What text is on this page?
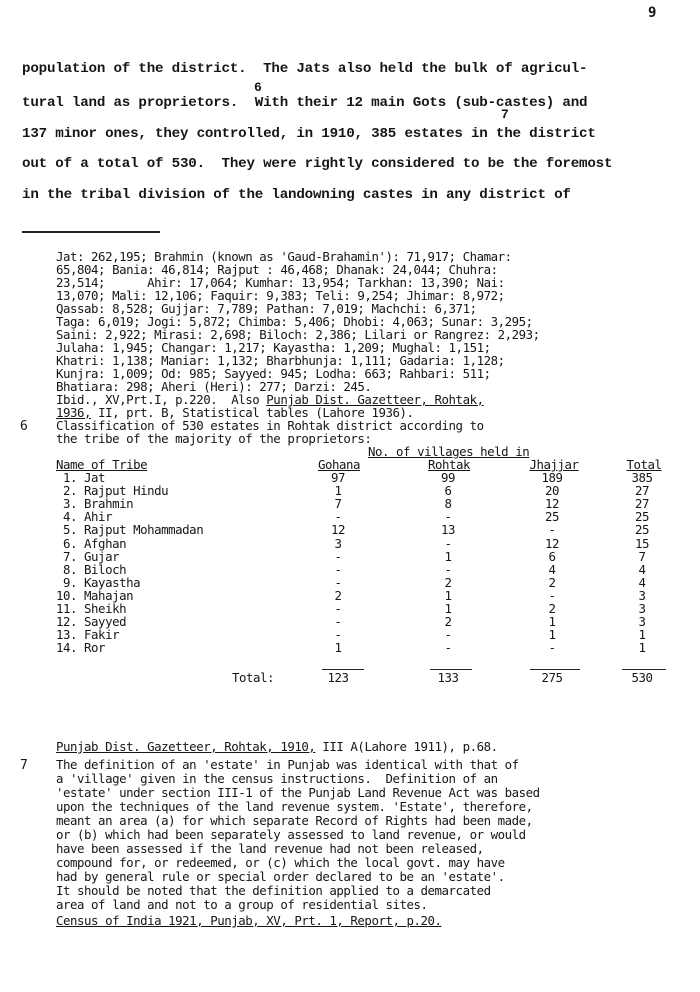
9
population of the district.  The Jats also held the bulk of agricul-
6
tural land as proprietors.  With their 12 main Gots (sub-castes) and
7
137 minor ones, they controlled, in 1910, 385 estates in the district
out of a total of 530.  They were rightly considered to be the foremost
in the tribal division of the landowning castes in any district of
Jat: 262,195; Brahmin (known as 'Gaud-Brahamin'): 71,917; Chamar:
65,804; Bania: 46,814; Rajput : 46,468; Dhanak: 24,044; Chuhra:
23,514;      Ahir: 17,064; Kumhar: 13,954; Tarkhan: 13,390; Nai:
13,070; Mali: 12,106; Faquir: 9,383; Teli: 9,254; Jhimar: 8,972;
Qassab: 8,528; Gujjar: 7,789; Pathan: 7,019; Machchi: 6,371;
Taga: 6,019; Jogi: 5,872; Chimba: 5,406; Dhobi: 4,063; Sunar: 3,295;
Saini: 2,922; Mirasi: 2,698; Biloch: 2,386; Lilari or Rangrez: 2,293;
Julaha: 1,945; Changar: 1,217; Kayastha: 1,209; Mughal: 1,151;
Khatri: 1,138; Maniar: 1,132; Bharbhunja: 1,111; Gadaria: 1,128;
Kunjra: 1,009; Od: 985; Sayyed: 945; Lodha: 663; Rahbari: 511;
Bhatiara: 298; Aheri (Heri): 277; Darzi: 245.
Ibid., XV,Prt.I, p.220.  Also Punjab Dist. Gazetteer, Rohtak,
1936, II, prt. B, Statistical tables (Lahore 1936).
6 Classification of 530 estates in Rohtak district according to
the tribe of the majority of the proprietors:
No. of villages held in
Name of Tribe	Gohana	Rohtak	Jhajjar	Total
1. Jat	97	99	189	385
2. Rajput Hindu	1	6	20	27
3. Brahmin	7	8	12	27
4. Ahir	-	-	25	25
5. Rajput Mohammadan	12	13	-	25
6. Afghan	3	-	12	15
7. Gujar	-	1	6	7
8. Biloch	-	-	4	4
9. Kayastha	-	2	2	4
10. Mahajan	2	1	-	3
11. Sheikh	-	1	2	3
12. Sayyed	-	2	1	3
13. Fakir	-	-	1	1
14. Ror	1	-	-	1
Total:	123	133	275	530
Punjab Dist. Gazetteer, Rohtak, 1910, III A(Lahore 1911), p.68.
7 The definition of an 'estate' in Punjab was identical with that of
a 'village' given in the census instructions.  Definition of an
'estate' under section III-1 of the Punjab Land Revenue Act was based
upon the techniques of the land revenue system. 'Estate', therefore,
meant an area (a) for which separate Record of Rights had been made,
or (b) which had been separately assessed to land revenue, or would
have been assessed if the land revenue had not been released,
compound for, or redeemed, or (c) which the local govt. may have
had by general rule or special order declared to be an 'estate'.
It should be noted that the definition applied to a demarcated
area of land and not to a group of residential sites.
Census of India 1921, Punjab, XV, Prt. 1, Report, p.20.
